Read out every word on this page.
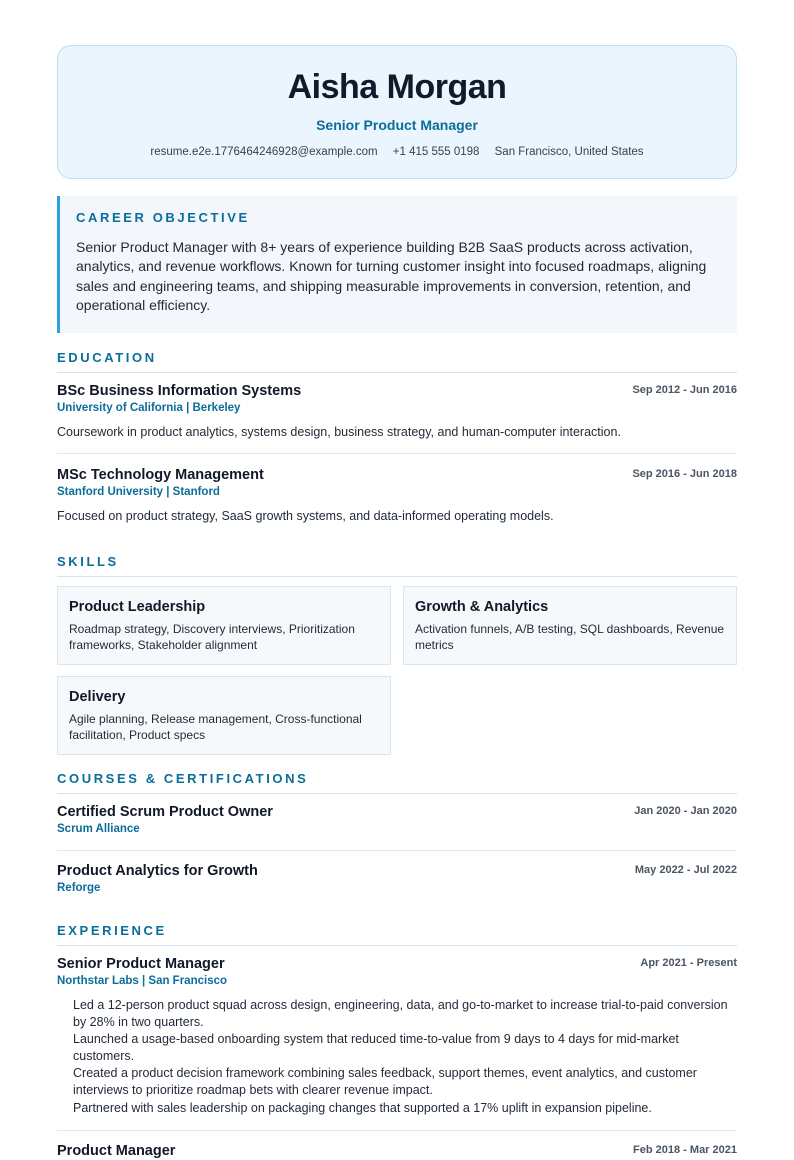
Aisha Morgan
Senior Product Manager
resume.e2e.1776464246928@example.com +1 415 555 0198 San Francisco, United States
CAREER OBJECTIVE

Senior Product Manager with 8+ years of experience building B2B SaaS products across activation, analytics, and revenue workflows. Known for turning customer insight into focused roadmaps, aligning sales and engineering teams, and shipping measurable improvements in conversion, retention, and operational efficiency.

EDUCATION
BSc Business Information Systems
University of California | Berkeley
Sep 2012 - Jun 2016
Coursework in product analytics, systems design, business strategy, and human-computer interaction.
MSc Technology Management
Stanford University | Stanford
Sep 2016 - Jun 2018
Focused on product strategy, SaaS growth systems, and data-informed operating models.
SKILLS
Product Leadership
Roadmap strategy, Discovery interviews, Prioritization frameworks, Stakeholder alignment
Growth & Analytics
Activation funnels, A/B testing, SQL dashboards, Revenue metrics
Delivery
Agile planning, Release management, Cross-functional facilitation, Product specs
COURSES & CERTIFICATIONS
Certified Scrum Product Owner
Scrum Alliance
Jan 2020 - Jan 2020
Product Analytics for Growth
Reforge
May 2022 - Jul 2022
EXPERIENCE
Senior Product Manager
Northstar Labs | San Francisco
Apr 2021 - Present
Led a 12-person product squad across design, engineering, data, and go-to-market to increase trial-to-paid conversion by 28% in two quarters.
Launched a usage-based onboarding system that reduced time-to-value from 9 days to 4 days for mid-market customers.
Created a product decision framework combining sales feedback, support themes, event analytics, and customer interviews to prioritize roadmap bets with clearer revenue impact.
Partnered with sales leadership on packaging changes that supported a 17% uplift in expansion pipeline.
Product Manager	Feb 2018 - Mar 2021
